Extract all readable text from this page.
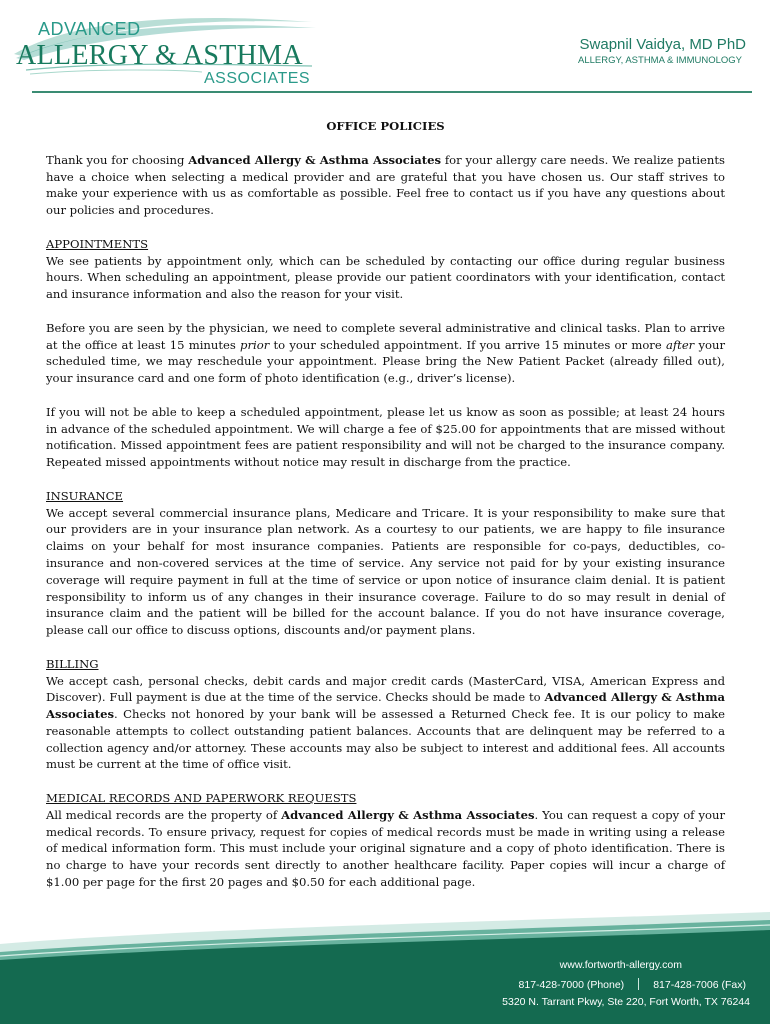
ADVANCED
ALLERGY & ASTHMA
ASSOCIATES
Swapnil Vaidya, MD PhD
ALLERGY, ASTHMA & IMMUNOLOGY
OFFICE POLICIES

Thank you for choosing Advanced Allergy & Asthma Associates for your allergy care needs. We realize patients have a choice when selecting a medical provider and are grateful that you have chosen us. Our staff strives to make your experience with us as comfortable as possible. Feel free to contact us if you have any questions about our policies and procedures.

APPOINTMENTS
We see patients by appointment only, which can be scheduled by contacting our office during regular business hours. When scheduling an appointment, please provide our patient coordinators with your identification, contact and insurance information and also the reason for your visit.

Before you are seen by the physician, we need to complete several administrative and clinical tasks. Plan to arrive at the office at least 15 minutes prior to your scheduled appointment. If you arrive 15 minutes or more after your scheduled time, we may reschedule your appointment. Please bring the New Patient Packet (already filled out), your insurance card and one form of photo identification (e.g., driver’s license).

If you will not be able to keep a scheduled appointment, please let us know as soon as possible; at least 24 hours in advance of the scheduled appointment. We will charge a fee of $25.00 for appointments that are missed without notification. Missed appointment fees are patient responsibility and will not be charged to the insurance company. Repeated missed appointments without notice may result in discharge from the practice.

INSURANCE
We accept several commercial insurance plans, Medicare and Tricare. It is your responsibility to make sure that our providers are in your insurance plan network. As a courtesy to our patients, we are happy to file insurance claims on your behalf for most insurance companies. Patients are responsible for co-pays, deductibles, co-insurance and non-covered services at the time of service. Any service not paid for by your existing insurance coverage will require payment in full at the time of service or upon notice of insurance claim denial. It is patient responsibility to inform us of any changes in their insurance coverage. Failure to do so may result in denial of insurance claim and the patient will be billed for the account balance. If you do not have insurance coverage, please call our office to discuss options, discounts and/or payment plans.

BILLING
We accept cash, personal checks, debit cards and major credit cards (MasterCard, VISA, American Express and Discover). Full payment is due at the time of the service. Checks should be made to Advanced Allergy & Asthma Associates. Checks not honored by your bank will be assessed a Returned Check fee. It is our policy to make reasonable attempts to collect outstanding patient balances. Accounts that are delinquent may be referred to a collection agency and/or attorney. These accounts may also be subject to interest and additional fees. All accounts must be current at the time of office visit.

MEDICAL RECORDS AND PAPERWORK REQUESTS
All medical records are the property of Advanced Allergy & Asthma Associates. You can request a copy of your medical records. To ensure privacy, request for copies of medical records must be made in writing using a release of medical information form. This must include your original signature and a copy of photo identification. There is no charge to have your records sent directly to another healthcare facility. Paper copies will incur a charge of $1.00 per page for the first 20 pages and $0.50 for each additional page.

www.fortworth-allergy.com
817-428-7000 (Phone)	817-428-7006 (Fax)
5320 N. Tarrant Pkwy, Ste 220, Fort Worth, TX 76244
